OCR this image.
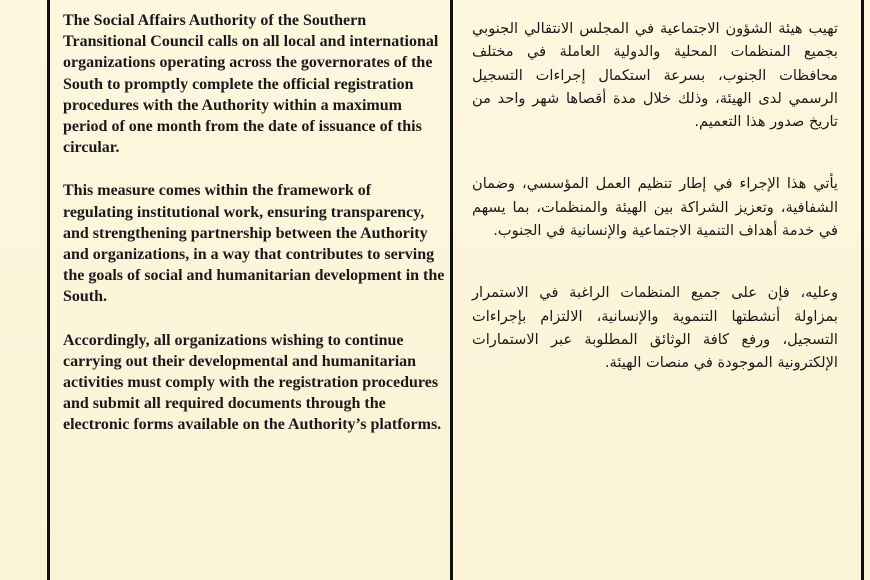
The Social Affairs Authority of the Southern Transitional Council calls on all local and international organizations operating across the governorates of the South to promptly complete the official registration procedures with the Authority within a maximum period of one month from the date of issuance of this circular.

This measure comes within the framework of regulating institutional work, ensuring transparency, and strengthening partnership between the Authority and organizations, in a way that contributes to serving the goals of social and humanitarian development in the South.

Accordingly, all organizations wishing to continue carrying out their developmental and humanitarian activities must comply with the registration procedures and submit all required documents through the electronic forms available on the Authority’s platforms.

تهيب هيئة الشؤون الاجتماعية في المجلس الانتقالي الجنوبي بجميع المنظمات المحلية والدولية العاملة في مختلف محافظات الجنوب، بسرعة استكمال إجراءات التسجيل الرسمي لدى الهيئة، وذلك خلال مدة أقصاها شهر واحد من تاريخ صدور هذا التعميم.

يأتي هذا الإجراء في إطار تنظيم العمل المؤسسي، وضمان الشفافية، وتعزيز الشراكة بين الهيئة والمنظمات، بما يسهم في خدمة أهداف التنمية الاجتماعية والإنسانية في الجنوب.

وعليه، فإن على جميع المنظمات الراغبة في الاستمرار بمزاولة أنشطتها التنموية والإنسانية، الالتزام بإجراءات التسجيل، ورفع كافة الوثائق المطلوبة عبر الاستمارات الإلكترونية الموجودة في منصات الهيئة.
